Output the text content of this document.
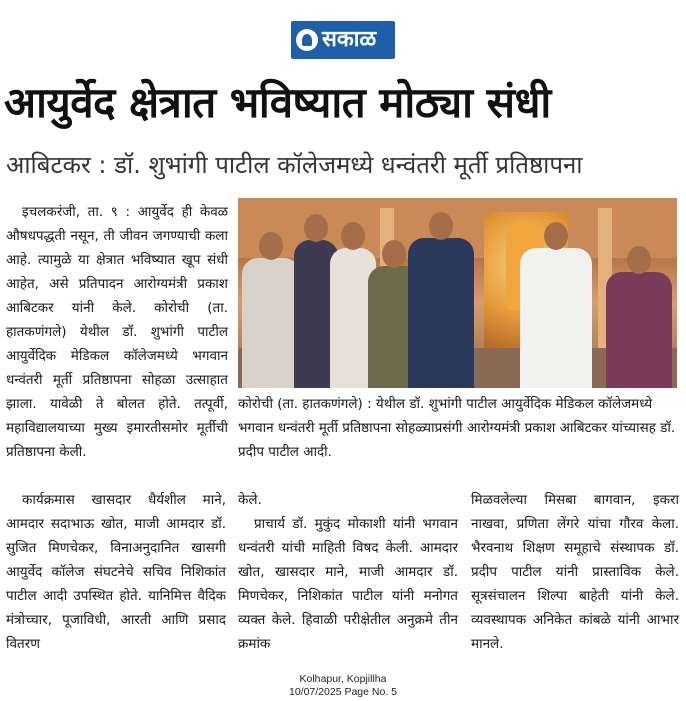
सकाळ
आयुर्वेद क्षेत्रात भविष्यात मोठ्या संधी
आबिटकर : डॉ. शुभांगी पाटील कॉलेजमध्ये धन्वंतरी मूर्ती प्रतिष्ठापना

कोरोची (ता. हातकणंगले) : येथील डॉ. शुभांगी पाटील आयुर्वेदिक मेडिकल कॉलेजमध्ये भगवान धन्वंतरी मूर्ती प्रतिष्ठापना सोहळ्याप्रसंगी आरोग्यमंत्री प्रकाश आबिटकर यांच्यासह डॉ. प्रदीप पाटील आदी.

इचलकरंजी, ता. ९ : आयुर्वेद ही केवळ औषधपद्धती नसून, ती जीवन जगण्याची कला आहे. त्यामुळे या क्षेत्रात भविष्यात खूप संधी आहेत, असे प्रतिपादन आरोग्यमंत्री प्रकाश आबिटकर यांनी केले. कोरोची (ता. हातकणंगले) येथील डॉ. शुभांगी पाटील आयुर्वेदिक मेडिकल कॉलेजमध्ये भगवान धन्वंतरी मूर्ती प्रतिष्ठापना सोहळा उत्साहात झाला. यावेळी ते बोलत होते. तत्पूर्वी, महाविद्यालयाच्या मुख्य इमारतीसमोर मूर्तीची प्रतिष्ठापना केली.

कार्यक्रमास खासदार धैर्यशील माने, आमदार सदाभाऊ खोत, माजी आमदार डॉ. सुजित मिणचेकर, विनाअनुदानित खासगी आयुर्वेद कॉलेज संघटनेचे सचिव निशिकांत पाटील आदी उपस्थित होते. यानिमित्त वैदिक मंत्रोच्चार, पूजाविधी, आरती आणि प्रसाद वितरण

केले.

प्राचार्य डॉ. मुकुंद मोकाशी यांनी भगवान धन्वंतरी यांची माहिती विषद केली. आमदार खोत, खासदार माने, माजी आमदार डॉ. मिणचेकर, निशिकांत पाटील यांनी मनोगत व्यक्त केले. हिवाळी परीक्षेतील अनुक्रमे तीन क्रमांक

मिळवलेल्या मिसबा बागवान, इकरा नाखवा, प्रणिता लेंगरे यांचा गौरव केला. भैरवनाथ शिक्षण समूहाचे संस्थापक डॉ. प्रदीप पाटील यांनी प्रास्ताविक केले. सूत्रसंचालन शिल्पा बाहेती यांनी केले. व्यवस्थापक अनिकेत कांबळे यांनी आभार मानले.

Kolhapur, Kopjillha
10/07/2025 Page No. 5
